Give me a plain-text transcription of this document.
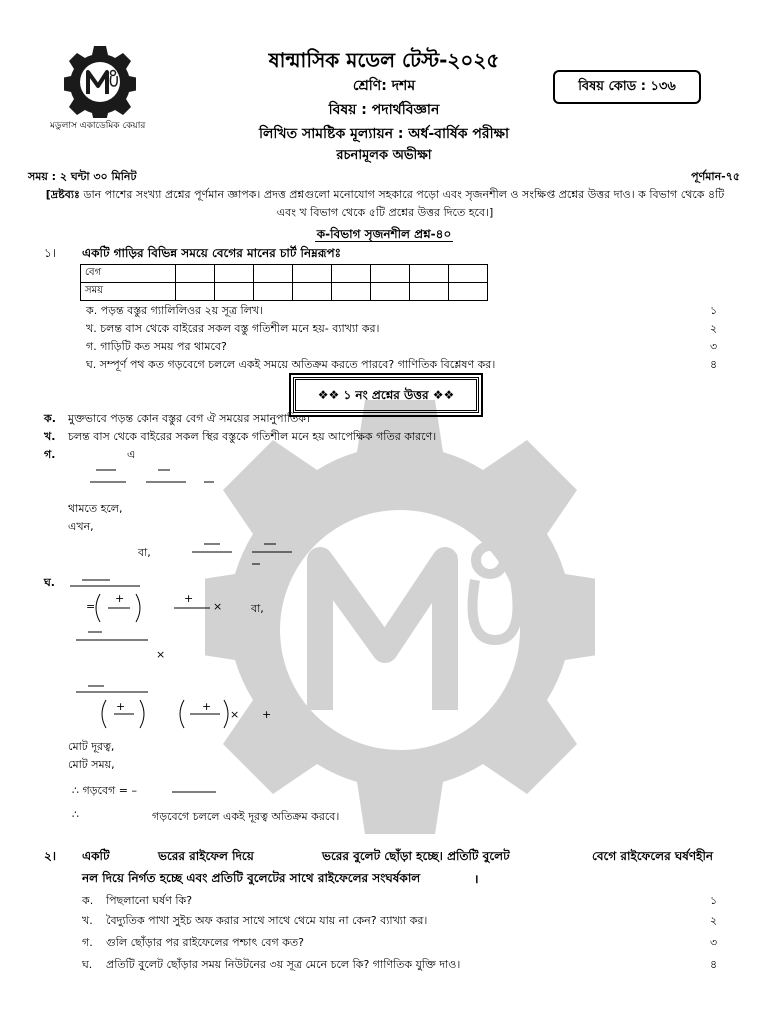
মডুলাস একাডেমিক কেয়ার
ষান্মাসিক মডেল টেস্ট-২০২৫
শ্রেণি: দশম
বিষয় : পদার্থবিজ্ঞান
লিখিত সামষ্টিক মূল্যায়ন : অর্ধ-বার্ষিক পরীক্ষা
রচনামূলক অভীক্ষা
বিষয় কোড : ১৩৬
সময় : ২ ঘন্টা ৩০ মিনিট	পূর্ণমান-৭৫
[দ্রষ্টব্যঃ ডান পাশের সংখ্যা প্রশ্নের পূর্ণমান জ্ঞাপক। প্রদত্ত প্রশ্নগুলো মনোযোগ সহকারে পড়ো এবং সৃজনশীল ও সংক্ষিপ্ত প্রশ্নের উত্তর দাও। ক বিভাগ থেকে ৪টি এবং খ বিভাগ থেকে ৫টি প্রশ্নের উত্তর দিতে হবে।]
ক-বিভাগ সৃজনশীল প্রশ্ন-৪০
১। একটি গাড়ির বিভিন্ন সময়ে বেগের মানের চার্ট নিম্নরূপঃ
বেগ								
সময়								
ক. পড়ন্ত বস্তুর গ্যালিলিওর ২য় সূত্র লিখ।	১
খ. চলন্ত বাস থেকে বাইরের সকল বস্তু গতিশীল মনে হয়- ব্যাখ্যা কর।	২
গ. গাড়িটি কত সময় পর থামবে?	৩
ঘ. সম্পূর্ণ পথ কত গড়বেগে চললে একই সময়ে অতিক্রম করতে পারবে? গাণিতিক বিশ্লেষণ কর।	৪
❖❖ ১ নং প্রশ্নের উত্তর ❖❖
ক. মুক্তভাবে পড়ন্ত কোন বস্তুর বেগ ঐ সময়ের সমানুপাতিক।
খ. চলন্ত বাস থেকে বাইরের সকল স্থির বস্তুকে গতিশীল মনে হয় আপেক্ষিক গতির কারণে।
গ.	এ
থামতে হলে,
এখন,
বা,
ঘ.
=
+	+
×	বা,
×
+	+
× +
মোট দূরত্ব,
মোট সময়,
∴ গড়বেগ = –
∴	গড়বেগে চললে একই দূরত্ব অতিক্রম করবে।
২। একটি	ভরের রাইফেল দিয়ে	ভরের বুলেট ছোঁড়া হচ্ছে। প্রতিটি বুলেট	বেগে রাইফেলের ঘর্ষণহীন
নল দিয়ে নির্গত হচ্ছে এবং প্রতিটি বুলেটের সাথে রাইফেলের সংঘর্ষকাল	।
ক. পিছলানো ঘর্ষণ কি?	১
খ. বৈদ্যুতিক পাখা সুইচ অফ করার সাথে সাথে থেমে যায় না কেন? ব্যাখ্যা কর।	২
গ. গুলি ছোঁড়ার পর রাইফেলের পশ্চাৎ বেগ কত?	৩
ঘ. প্রতিটি বুলেট ছোঁড়ার সময় নিউটনের ৩য় সূত্র মেনে চলে কি? গাণিতিক যুক্তি দাও।	৪
